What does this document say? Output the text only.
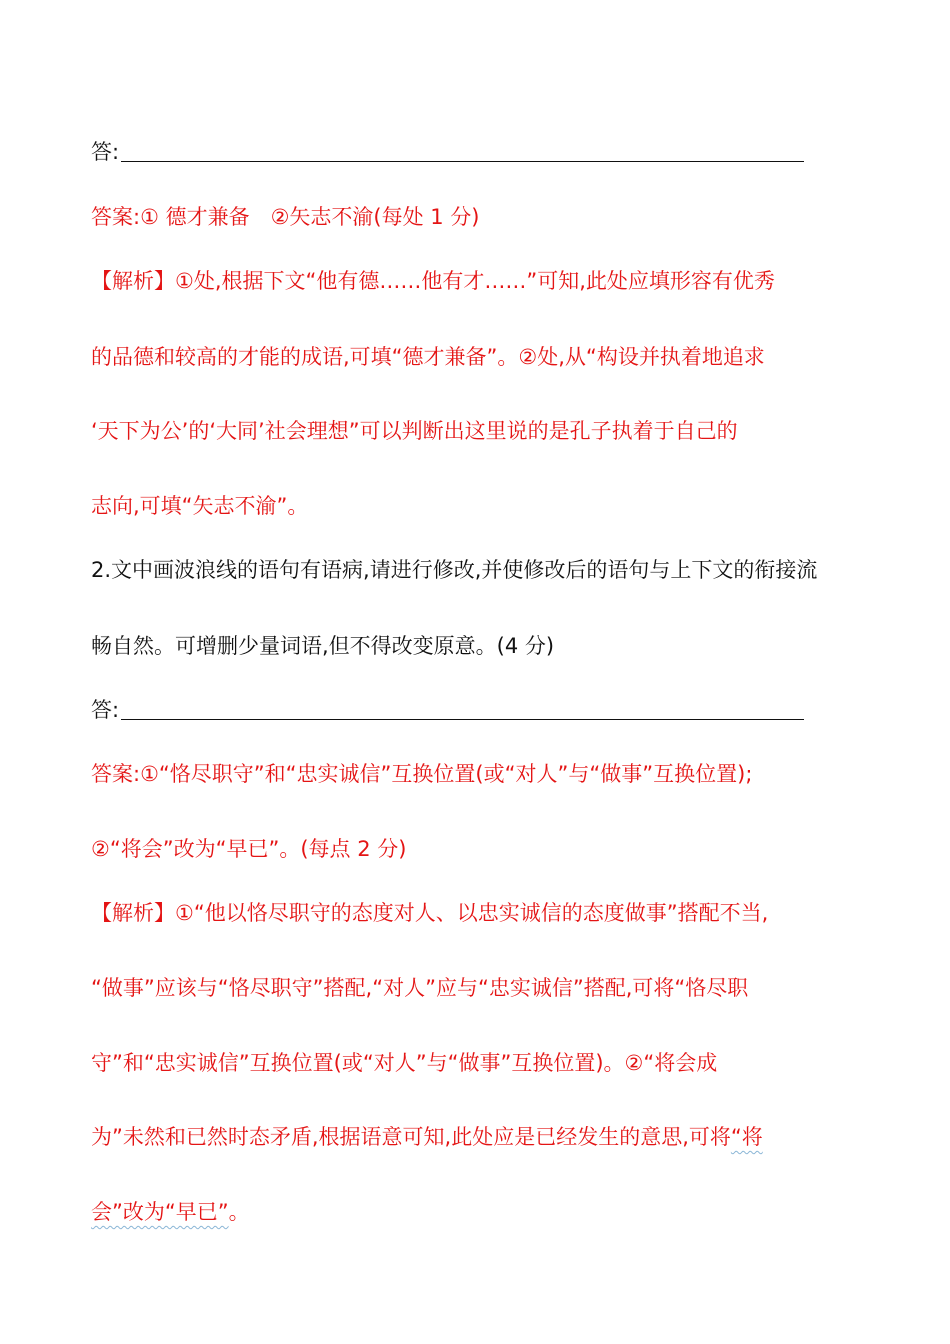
答:
答案:① 德才兼备　②矢志不渝(每处 1 分)
【解析】①处,根据下文“他有德……他有才……”可知,此处应填形容有优秀
的品德和较高的才能的成语,可填“德才兼备”。②处,从“构设并执着地追求
‘天下为公’的‘大同’社会理想”可以判断出这里说的是孔子执着于自己的
志向,可填“矢志不渝”。
2.文中画波浪线的语句有语病,请进行修改,并使修改后的语句与上下文的衔接流
畅自然。可增删少量词语,但不得改变原意。(4 分)
答:
答案:①“恪尽职守”和“忠实诚信”互换位置(或“对人”与“做事”互换位置);
②“将会”改为“早已”。(每点 2 分)
【解析】①“他以恪尽职守的态度对人、以忠实诚信的态度做事”搭配不当,
“做事”应该与“恪尽职守”搭配,“对人”应与“忠实诚信”搭配,可将“恪尽职
守”和“忠实诚信”互换位置(或“对人”与“做事”互换位置)。②“将会成
为”未然和已然时态矛盾,根据语意可知,此处应是已经发生的意思,可将“将
会”改为“早已”。
